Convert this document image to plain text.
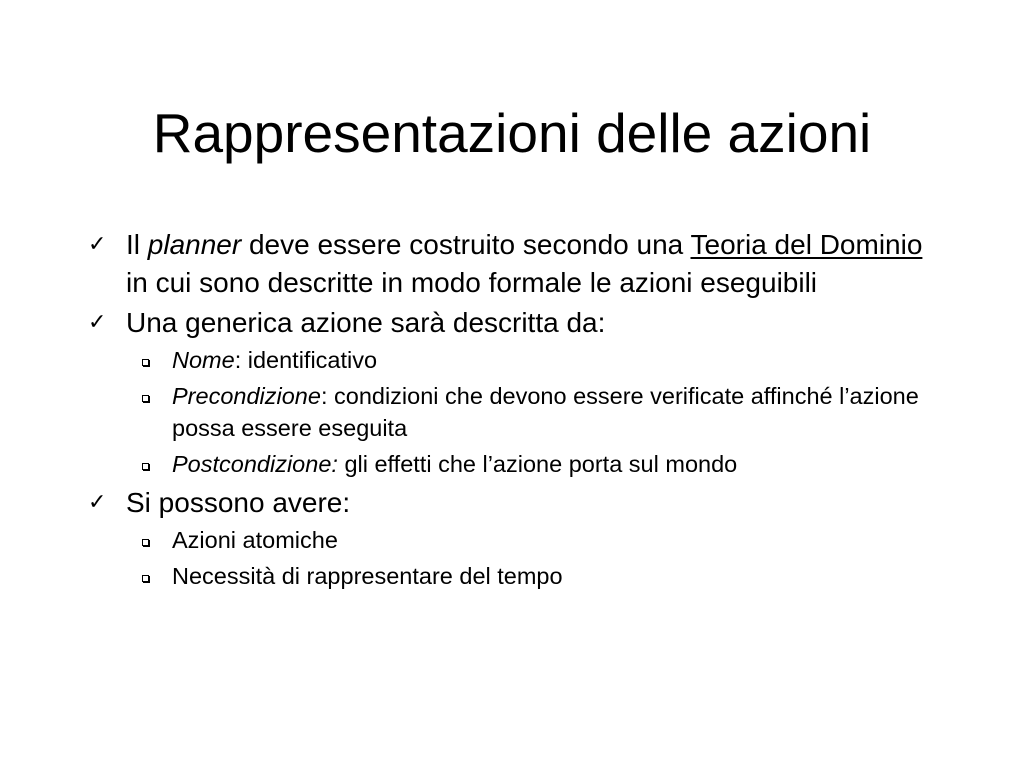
Rappresentazioni delle azioni
✓ Il planner deve essere costruito secondo una Teoria del Dominio in cui sono descritte in modo formale le azioni eseguibili
✓ Una generica azione sarà descritta da:
Nome: identificativo
Precondizione: condizioni che devono essere verificate affinché l’azione possa essere eseguita
Postcondizione: gli effetti che l’azione porta sul mondo
✓ Si possono avere:
Azioni atomiche
Necessità di rappresentare del tempo
